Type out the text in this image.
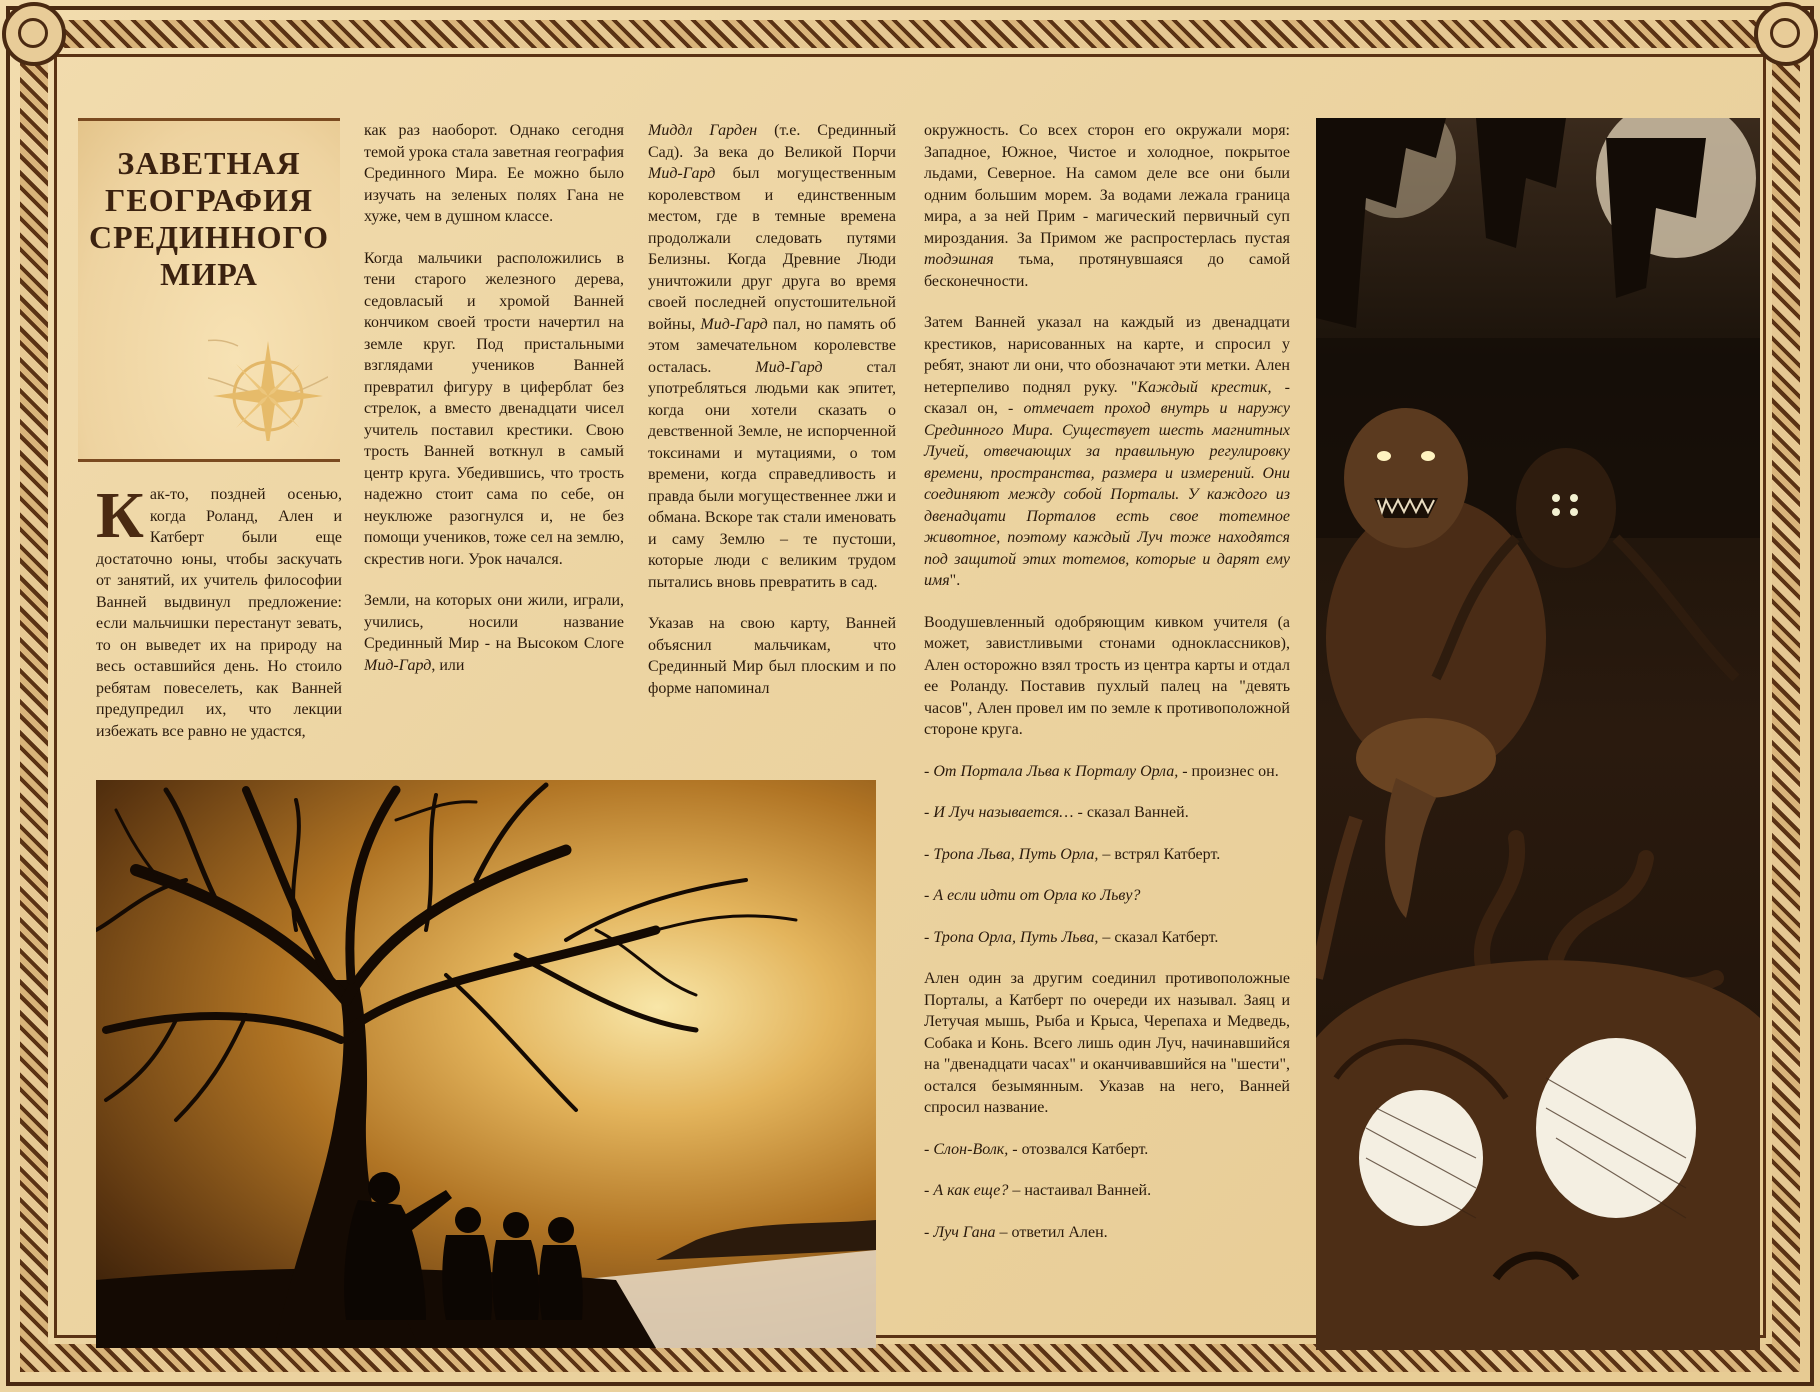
ЗАВЕТНАЯ
ГЕОГРАФИЯ
СРЕДИННОГО
МИРА

Как-то, поздней осенью, когда Роланд, Ален и Катберт были еще достаточно юны, чтобы заскучать от занятий, их учитель философии Ванней выдвинул предложение: если мальчишки перестанут зевать, то он выведет их на природу на весь оставшийся день. Но стоило ребятам повеселеть, как Ванней предупредил их, что лекции избежать все равно не удастся,

как раз наоборот. Однако сегодня темой урока стала заветная география Срединного Мира. Ее можно было изучать на зеленых полях Гана не хуже, чем в душном классе.

Когда мальчики расположились в тени старого железного дерева, седовласый и хромой Ванней кончиком своей трости начертил на земле круг. Под пристальными взглядами учеников Ванней превратил фигуру в циферблат без стрелок, а вместо двенадцати чисел учитель поставил крестики. Свою трость Ванней воткнул в самый центр круга. Убедившись, что трость надежно стоит сама по себе, он неуклюже разогнулся и, не без помощи учеников, тоже сел на землю, скрестив ноги. Урок начался.

Земли, на которых они жили, играли, учились, носили название Срединный Мир - на Высоком Слоге Мид-Гард, или

Миддл Гарден (т.е. Срединный Сад). За века до Великой Порчи Мид-Гард был могущественным королевством и единственным местом, где в темные времена продолжали следовать путями Белизны. Когда Древние Люди уничтожили друг друга во время своей последней опустошительной войны, Мид-Гард пал, но память об этом замечательном королевстве осталась. Мид-Гард стал употребляться людьми как эпитет, когда они хотели сказать о девственной Земле, не испорченной токсинами и мутациями, о том времени, когда справедливость и правда были могущественнее лжи и обмана. Вскоре так стали именовать и саму Землю – те пустоши, которые люди с великим трудом пытались вновь превратить в сад.

Указав на свою карту, Ванней объяснил мальчикам, что Срединный Мир был плоским и по форме напоминал

окружность. Со всех сторон его окружали моря: Западное, Южное, Чистое и холодное, покрытое льдами, Северное. На самом деле все они были одним большим морем. За водами лежала граница мира, а за ней Прим - магический первичный суп мироздания. За Примом же распростерлась пустая тодэшная тьма, протянувшаяся до самой бесконечности.

Затем Ванней указал на каждый из двенадцати крестиков, нарисованных на карте, и спросил у ребят, знают ли они, что обозначают эти метки. Ален нетерпеливо поднял руку. "Каждый крестик, - сказал он, - отмечает проход внутрь и наружу Срединного Мира. Существует шесть магнитных Лучей, отвечающих за правильную регулировку времени, пространства, размера и измерений. Они соединяют между собой Порталы. У каждого из двенадцати Порталов есть свое тотемное животное, поэтому каждый Луч тоже находятся под защитой этих тотемов, которые и дарят ему имя".

Воодушевленный одобряющим кивком учителя (а может, завистливыми стонами одноклассников), Ален осторожно взял трость из центра карты и отдал ее Роланду. Поставив пухлый палец на "девять часов", Ален провел им по земле к противоположной стороне круга.

- От Портала Льва к Порталу Орла, - произнес он.

- И Луч называется… - сказал Ванней.

- Тропа Льва, Путь Орла, – встрял Катберт.

- А если идти от Орла ко Льву?

- Тропа Орла, Путь Льва, – сказал Катберт.

Ален один за другим соединил противоположные Порталы, а Катберт по очереди их называл. Заяц и Летучая мышь, Рыба и Крыса, Черепаха и Медведь, Собака и Конь. Всего лишь один Луч, начинавшийся на "двенадцати часах" и оканчивавшийся на "шести", остался безымянным. Указав на него, Ванней спросил название.

- Слон-Волк, - отозвался Катберт.

- А как еще? – настаивал Ванней.

- Луч Гана – ответил Ален.
